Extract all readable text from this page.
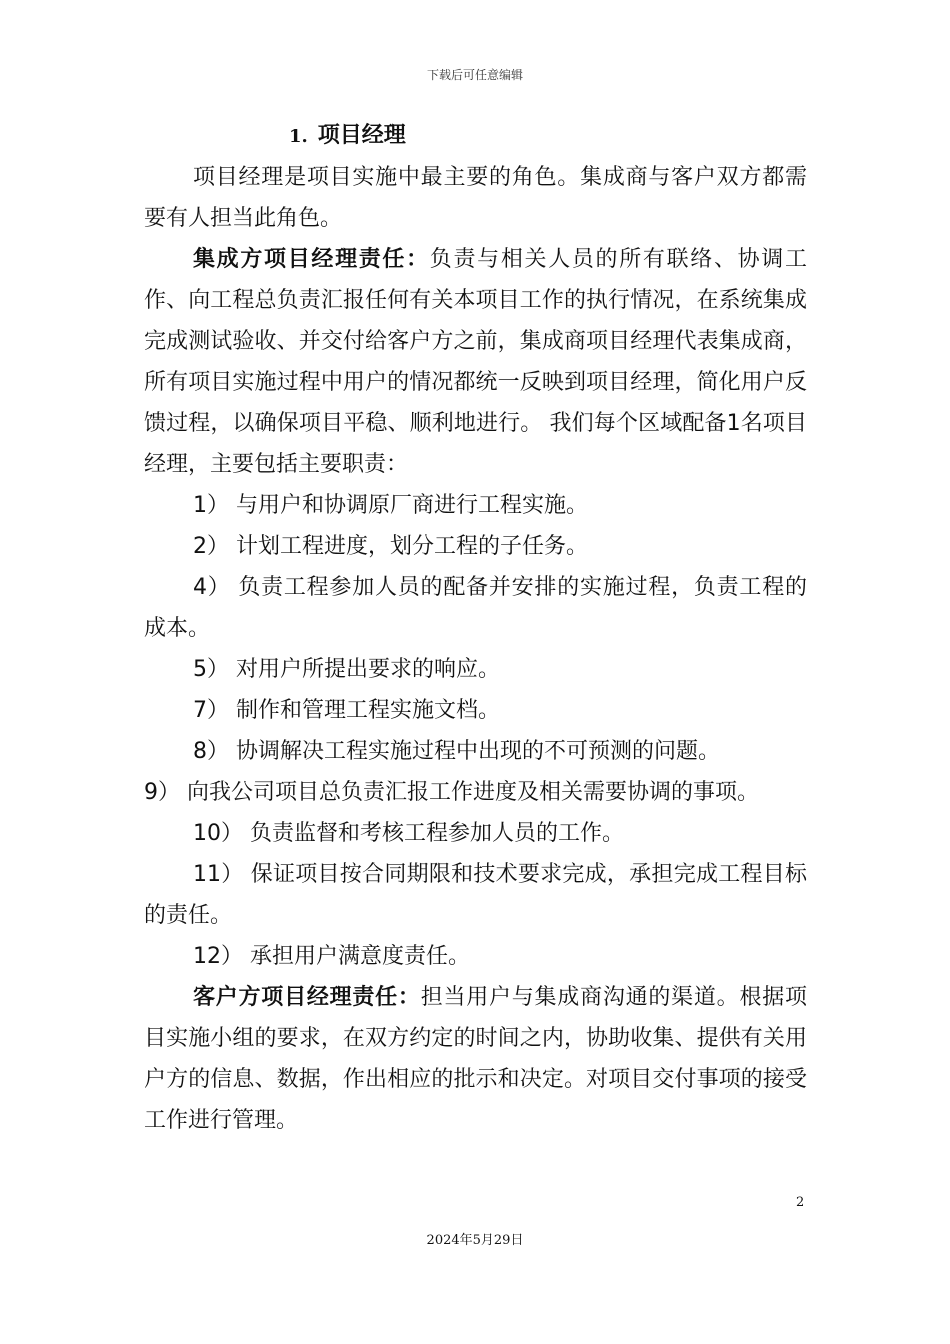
下载后可任意编辑

1. 项目经理

项目经理是项目实施中最主要的角色。集成商与客户双方都需要有人担当此角色。

集成方项目经理责任：负责与相关人员的所有联络、协调工作、向工程总负责汇报任何有关本项目工作的执行情况，在系统集成完成测试验收、并交付给客户方之前，集成商项目经理代表集成商，所有项目实施过程中用户的情况都统一反映到项目经理，简化用户反馈过程，以确保项目平稳、顺利地进行。 我们每个区域配备1名项目经理，主要包括主要职责：

1） 与用户和协调原厂商进行工程实施。

2） 计划工程进度，划分工程的子任务。

4） 负责工程参加人员的配备并安排的实施过程，负责工程的成本。

5） 对用户所提出要求的响应。

7） 制作和管理工程实施文档。

8） 协调解决工程实施过程中出现的不可预测的问题。

9） 向我公司项目总负责汇报工作进度及相关需要协调的事项。

10） 负责监督和考核工程参加人员的工作。

11） 保证项目按合同期限和技术要求完成，承担完成工程目标的责任。

12） 承担用户满意度责任。

客户方项目经理责任：担当用户与集成商沟通的渠道。根据项目实施小组的要求，在双方约定的时间之内，协助收集、提供有关用户方的信息、数据，作出相应的批示和决定。对项目交付事项的接受工作进行管理。

2
2024年5月29日
